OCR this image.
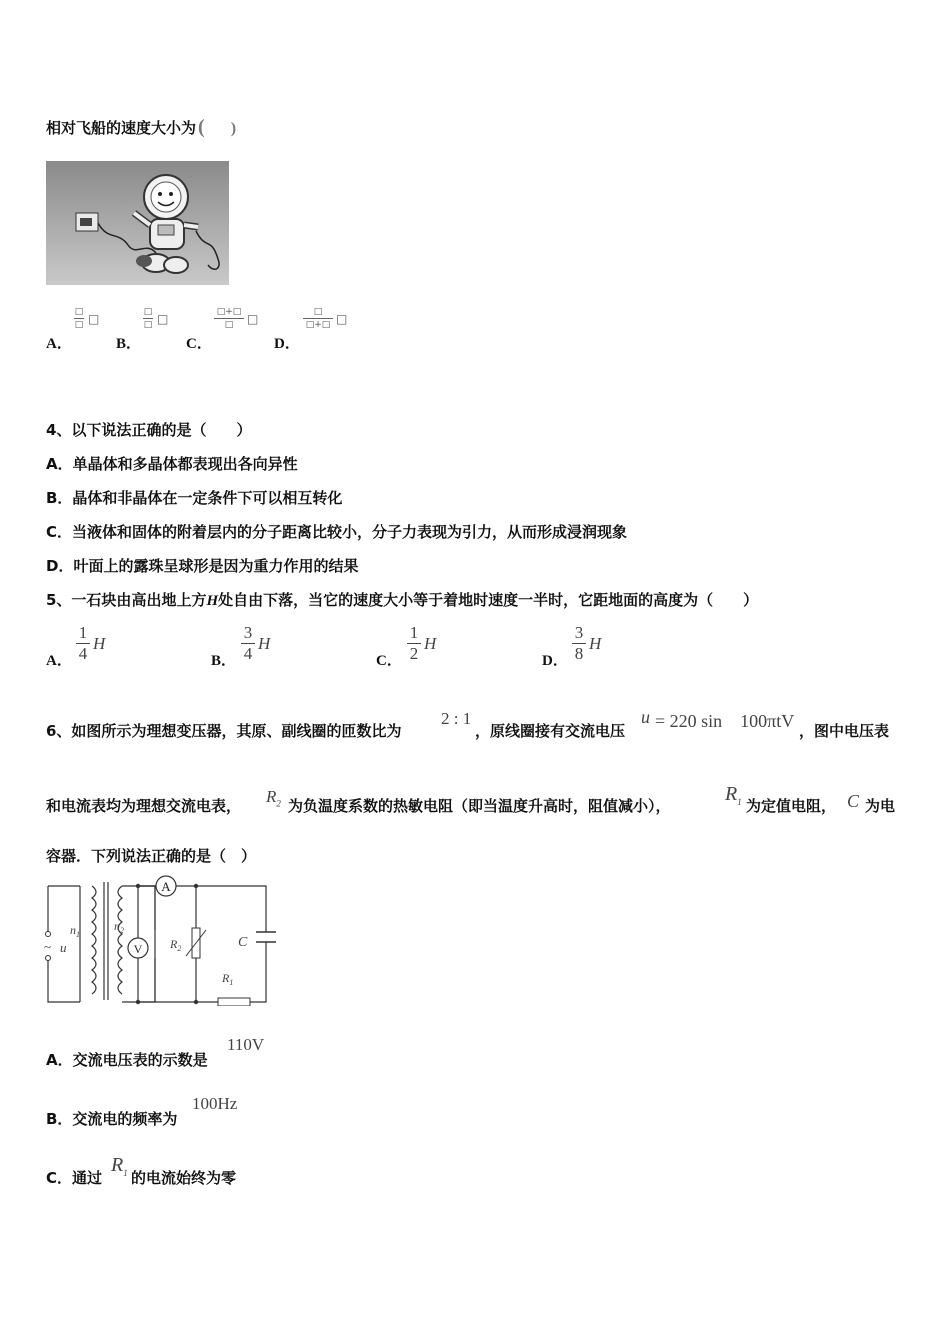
相对飞船的速度大小为 ( )
A．
□
□ □
B．
□
□ □
C．
□+□
□	□
D．
□
□+□ □
4、以下说法正确的是（　　）
A．单晶体和多晶体都表现出各向异性
B．晶体和非晶体在一定条件下可以相互转化
C．当液体和固体的附着层内的分子距离比较小，分子力表现为引力，从而形成浸润现象
D．叶面上的露珠呈球形是因为重力作用的结果
5、一石块由高出地上方H处自由下落，当它的速度大小等于着地时速度一半时，它距地面的高度为（　　）
A．
1
4
H
B．
3
4
H
C．
1
2
H
D．
3
8
H
6、如图所示为理想变压器，其原、副线圈的匝数比为
2 : 1
，原线圈接有交流电压
u = 220 sin　100πtV ，图中电压表
和电流表均为理想交流电表， $R_2$ 为负温度系数的热敏电阻（即当温度升高时，阻值减小），
$R_1$ 为定值电阻， C 为电
容器．下列说法正确的是（　）
A
V
$n_1$
$n_2$
~ u	$R_2$	C
$R_1$
A．交流电压表的示数是
110V
B．交流电的频率为
100Hz
C．通过
$R_1$ 的电流始终为零
